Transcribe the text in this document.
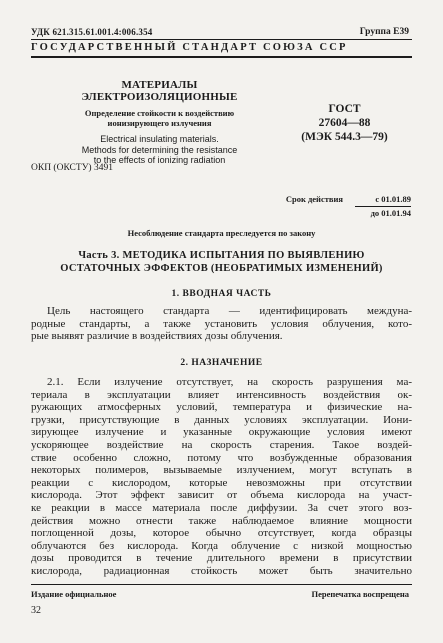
УДК 621.315.61.001.4:006.354	Группа Е39
ГОСУДАРСТВЕННЫЙ СТАНДАРТ СОЮЗА ССР
МАТЕРИАЛЫ ЭЛЕКТРОИЗОЛЯЦИОННЫЕ
Определение стойкости к воздействию
ионизирующего излучения
Electrical insulating materials.
Methods for determining the resistance
to the effects of ionizing radiation
ГОСТ
27604—88
(МЭК 544.3—79)
ОКП (ОКСТУ) 3491
Срок действия	с 01.01.89
	до 01.01.94
Несоблюдение стандарта преследуется по закону
Часть 3. МЕТОДИКА ИСПЫТАНИЯ ПО ВЫЯВЛЕНИЮ
ОСТАТОЧНЫХ ЭФФЕКТОВ (НЕОБРАТИМЫХ ИЗМЕНЕНИЙ)
1. ВВОДНАЯ ЧАСТЬ

Цель настоящего стандарта — идентифицировать междуна-

родные стандарты, а также установить условия облучения, кото-

рые выявят различие в воздействиях дозы облучения.

2. НАЗНАЧЕНИЕ

2.1. Если излучение отсутствует, на скорость разрушения ма-

териала в эксплуатации влияет интенсивность воздействия ок-

ружающих атмосферных условий, температура и физические на-

грузки, присутствующие в данных условиях эксплуатации. Иони-

зирующее излучение и указанные окружающие условия имеют

ускоряющее воздействие на скорость старения. Такое воздей-

ствие особенно сложно, потому что возбужденные образования

некоторых полимеров, вызываемые излучением, могут вступать в

реакции с кислородом, которые невозможны при отсутствии

кислорода. Этот эффект зависит от объема кислорода на участ-

ке реакции в массе материала после диффузии. За счет этого воз-

действия можно отнести также наблюдаемое влияние мощности

поглощенной дозы, которое обычно отсутствует, когда образцы

облучаются без кислорода. Когда облучение с низкой мощностью

дозы проводится в течение длительного времени в присутствии

кислорода, радиационная стойкость может быть значительно

Издание официальное	Перепечатка воспрещена
32
